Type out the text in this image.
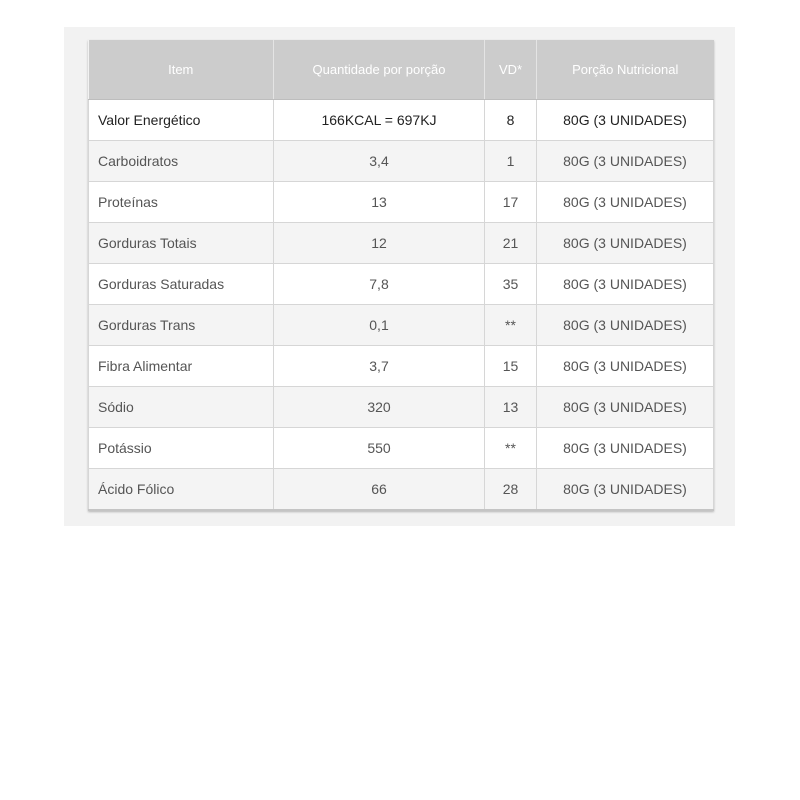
Item	Quantidade por porção	VD*	Porção Nutricional
Valor Energético	166KCAL = 697KJ	8	80G (3 UNIDADES)
Carboidratos	3,4	1	80G (3 UNIDADES)
Proteínas	13	17	80G (3 UNIDADES)
Gorduras Totais	12	21	80G (3 UNIDADES)
Gorduras Saturadas	7,8	35	80G (3 UNIDADES)
Gorduras Trans	0,1	**	80G (3 UNIDADES)
Fibra Alimentar	3,7	15	80G (3 UNIDADES)
Sódio	320	13	80G (3 UNIDADES)
Potássio	550	**	80G (3 UNIDADES)
Ácido Fólico	66	28	80G (3 UNIDADES)
